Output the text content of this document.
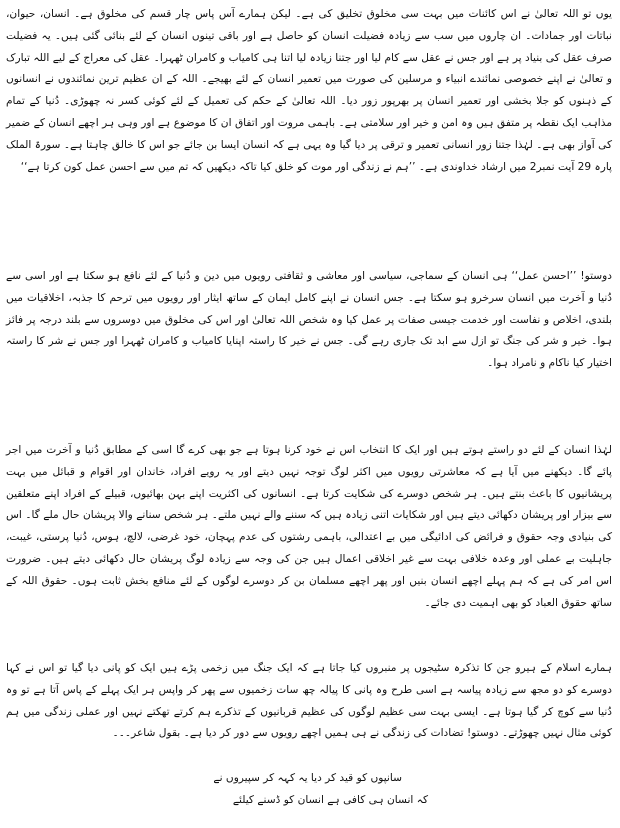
یوں تو اللہ تعالیٰ نے اس کائنات میں بہت سی مخلوق تخلیق کی ہے۔ لیکن ہمارے آس پاس چار قسم کی مخلوق ہے۔ انسان، حیوان، نباتات اور جمادات۔ ان چاروں میں سب سے زیادہ فضیلت انسان کو حاصل ہے اور باقی تینوں انسان کے لئے بنائی گئی ہیں۔ یہ فضیلت صرف عقل کی بنیاد پر ہے اور جس نے عقل سے کام لیا اور جتنا زیادہ لیا اتنا ہی کامیاب و کامران ٹھہرا۔ عقل کی معراج کے لیے اللہ تبارک و تعالیٰ نے اپنے خصوصی نمائندے انبیاء و مرسلین کی صورت میں تعمیر انسان کے لئے بھیجے۔ اللہ کے ان عظیم ترین نمائندوں نے انسانوں کے ذہنوں کو جلا بخشی اور تعمیر انسان پر بھرپور زور دیا۔ اللہ تعالیٰ کے حکم کی تعمیل کے لئے کوئی کسر نہ چھوڑی۔ دُنیا کے تمام مذاہب ایک نقطہ پر متفق ہیں وہ امن و خیر اور سلامتی ہے۔ باہمی مروت اور اتفاق ان کا موضوع ہے اور وہی ہر اچھے انسان کے ضمیر کی آواز بھی ہے۔ لہٰذا جتنا زور انسانی تعمیر و ترقی پر دیا گیا وہ یہی ہے کہ انسان ایسا بن جائے جو اس کا خالق چاہتا ہے۔ سورۃ الملک پارہ 29 آیت نمبر2 میں ارشاد خداوندی ہے۔ ’’ہم نے زندگی اور موت کو خلق کیا تاکہ دیکھیں کہ تم میں سے احسن عمل کون کرتا ہے‘‘

دوستو! ’’احسن عمل‘‘ ہی انسان کے سماجی، سیاسی اور معاشی و ثقافتی رویوں میں دین و دُنیا کے لئے نافع ہو سکتا ہے اور اسی سے دُنیا و آخرت میں انسان سرخرو ہو سکتا ہے۔ جس انسان نے اپنے کامل ایمان کے ساتھ ایثار اور رویوں میں ترحم کا جذبہ، اخلاقیات میں بلندی، اخلاص و نفاست اور خدمت جیسی صفات پر عمل کیا وہ شخص اللہ تعالیٰ اور اس کی مخلوق میں دوسروں سے بلند درجہ پر فائز ہوا۔ خیر و شر کی جنگ تو ازل سے ابد تک جاری رہے گی۔ جس نے خیر کا راستہ اپنایا کامیاب و کامران ٹھہرا اور جس نے شر کا راستہ اختیار کیا ناکام و نامراد ہوا۔

لہٰذا انسان کے لئے دو راستے ہوتے ہیں اور ایک کا انتخاب اس نے خود کرنا ہوتا ہے جو بھی کرے گا اسی کے مطابق دُنیا و آخرت میں اجر پائے گا۔ دیکھنے میں آیا ہے کہ معاشرتی رویوں میں اکثر لوگ توجہ نہیں دیتے اور یہ رویے افراد، خاندان اور اقوام و قبائل میں بہت پریشانیوں کا باعث بنتے ہیں۔ ہر شخص دوسرے کی شکایت کرتا ہے۔ انسانوں کی اکثریت اپنے بہن بھائیوں، قبیلے کے افراد اپنے متعلقین سے بیزار اور پریشان دکھائی دیتے ہیں اور شکایات اتنی زیادہ ہیں کہ سننے والے نہیں ملتے۔ ہر شخص سنانے والا پریشان حال ملے گا۔ اس کی بنیادی وجہ حقوق و فرائض کی ادائیگی میں بے اعتدالی، باہمی رشتوں کی عدم پہچان، خود غرضی، لالچ، ہوس، دُنیا پرستی، غیبت، جاہلیت بے عملی اور وعدہ خلافی بہت سے غیر اخلاقی اعمال ہیں جن کی وجہ سے زیادہ لوگ پریشان حال دکھائی دیتے ہیں۔ ضرورت اس امر کی ہے کہ ہم پہلے اچھے انسان بنیں اور پھر اچھے مسلمان بن کر دوسرے لوگوں کے لئے منافع بخش ثابت ہوں۔ حقوق اللہ کے ساتھ حقوق العباد کو بھی اہمیت دی جائے۔

ہمارے اسلام کے ہیرو جن کا تذکرہ سٹیجوں پر منبروں کیا جاتا ہے کہ ایک جنگ میں زخمی پڑے ہیں ایک کو پانی دیا گیا تو اس نے کہا دوسرے کو دو مجھ سے زیادہ پیاسہ ہے اسی طرح وہ پانی کا پیالہ چھ سات زخمیوں سے پھر کر واپس ہر ایک پہلے کے پاس آتا ہے تو وہ دُنیا سے کوچ کر گیا ہوتا ہے۔ ایسی بہت سی عظیم لوگوں کی عظیم قربانیوں کے تذکرے ہم کرتے تھکتے نہیں اور عملی زندگی میں ہم کوئی مثال نہیں چھوڑتے۔ دوستو! تضادات کی زندگی نے ہی ہمیں اچھے رویوں سے دور کر دیا ہے۔ بقول شاعر۔۔۔

سانپوں کو قید کر دیا یہ کہہ کر سپیروں نے
کہ انسان ہی کافی ہے انسان کو ڈسنے کیلئے
